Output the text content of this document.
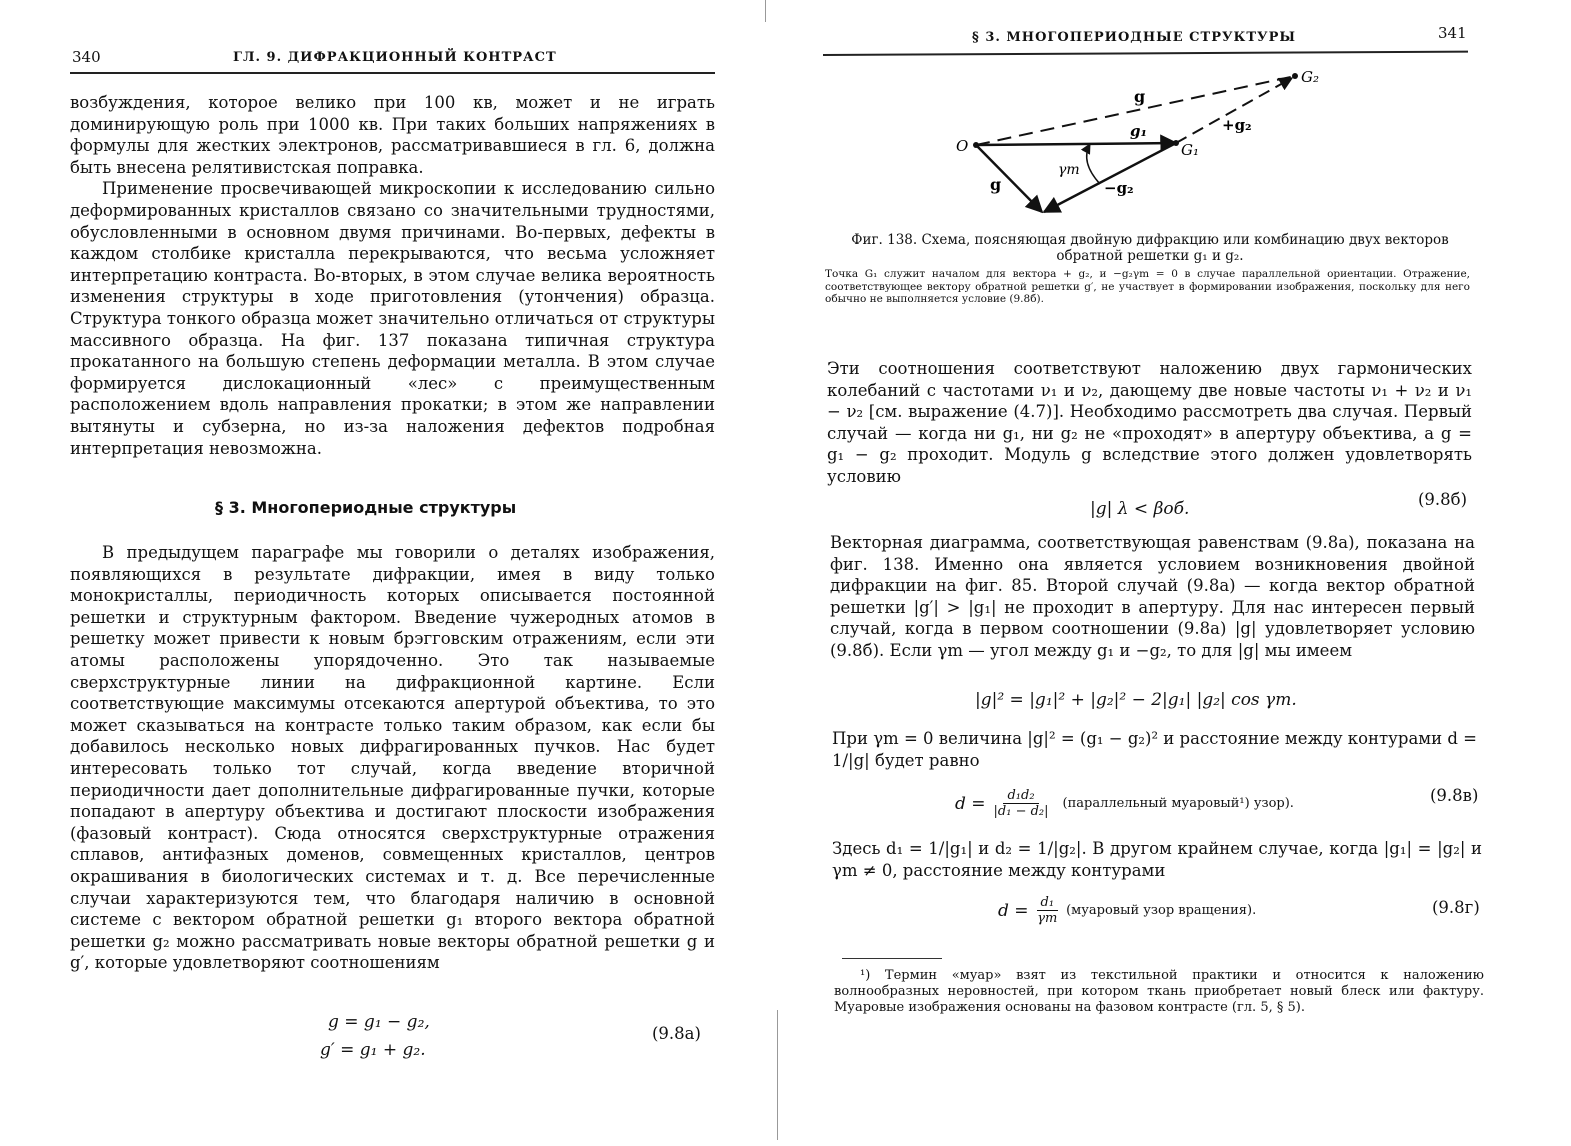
340	ГЛ. 9. ДИФРАКЦИОННЫЙ КОНТРАСТ

возбуждения, которое велико при 100 кв, может и не играть доминирующую роль при 1000 кв. При таких больших напряжениях в формулы для жестких электронов, рассматривавшиеся в гл. 6, должна быть внесена релятивистская поправка.

Применение просвечивающей микроскопии к исследованию сильно деформированных кристаллов связано со значительными трудностями, обусловленными в основном двумя причинами. Во-первых, дефекты в каждом столбике кристалла перекрываются, что весьма усложняет интерпретацию контраста. Во-вторых, в этом случае велика вероятность изменения структуры в ходе приготовления (утончения) образца. Структура тонкого образца может значительно отличаться от структуры массивного образца. На фиг. 137 показана типичная структура прокатанного на большую степень деформации металла. В этом случае формируется дислокационный «лес» с преимущественным расположением вдоль направления прокатки; в этом же направлении вытянуты и субзерна, но из-за наложения дефектов подробная интерпретация невозможна.

§ 3. Многопериодные структуры

В предыдущем параграфе мы говорили о деталях изображения, появляющихся в результате дифракции, имея в виду только монокристаллы, периодичность которых описывается постоянной решетки и структурным фактором. Введение чужеродных атомов в решетку может привести к новым брэгговским отражениям, если эти атомы расположены упорядоченно. Это так называемые сверхструктурные линии на дифракционной картине. Если соответствующие максимумы отсекаются апертурой объектива, то это может сказываться на контрасте только таким образом, как если бы добавилось несколько новых дифрагированных пучков. Нас будет интересовать только тот случай, когда введение вторичной периодичности дает дополнительные дифрагированные пучки, которые попадают в апертуру объектива и достигают плоскости изображения (фазовый контраст). Сюда относятся сверхструктурные отражения сплавов, антифазных доменов, совмещенных кристаллов, центров окрашивания в биологических системах и т. д. Все перечисленные случаи характеризуются тем, что благодаря наличию в основной системе с вектором обратной решетки g₁ второго вектора обратной решетки g₂ можно рассматривать новые векторы обратной решетки g и g′, которые удовлетворяют соотношениям

g = g₁ − g₂,
g′ = g₁ + g₂.
(9.8а)
§ 3. МНОГОПЕРИОДНЫЕ СТРУКТУРЫ	341
O	G₁
G₂
g
g₁	+g₂
γm
−g₂
g
Фиг. 138. Схема, поясняющая двойную дифракцию или комбинацию двух векторов обратной решетки g₁ и g₂.
Точка G₁ служит началом для вектора + g₂, и −g₂γm = 0 в случае параллельной ориентации. Отражение, соответствующее вектору обратной решетки g′, не участвует в формировании изображения, поскольку для него обычно не выполняется условие (9.8б).
Эти соотношения соответствуют наложению двух гармонических колебаний с частотами ν₁ и ν₂, дающему две новые частоты ν₁ + ν₂ и ν₁ − ν₂ [см. выражение (4.7)]. Необходимо рассмотреть два случая. Первый случай — когда ни g₁, ни g₂ не «проходят» в апертуру объектива, а g = g₁ − g₂ проходит. Модуль g вследствие этого должен удовлетворять условию
|g| λ < βоб.	(9.8б)
Векторная диаграмма, соответствующая равенствам (9.8а), показана на фиг. 138. Именно она является условием возникновения двойной дифракции на фиг. 85. Второй случай (9.8а) — когда вектор обратной решетки |g′| > |g₁| не проходит в апертуру. Для нас интересен первый случай, когда в первом соотношении (9.8а) |g| удовлетворяет условию (9.8б). Если γm — угол между g₁ и −g₂, то для |g| мы имеем
|g|² = |g₁|² + |g₂|² − 2|g₁| |g₂| cos γm.
При γm = 0 величина |g|² = (g₁ − g₂)² и расстояние между контурами d = 1/|g| будет равно
$d = \frac{\text{d₁d₂}}{\text{|d₁ − d₂|}}$ (параллельный муаровый¹) узор).	(9.8в)
Здесь d₁ = 1/|g₁| и d₂ = 1/|g₂|. В другом крайнем случае, когда |g₁| = |g₂| и γm ≠ 0, расстояние между контурами
$d = \frac{\text{d₁}}{\gamma m}$ (муаровый узор вращения).	(9.8г)
¹) Термин «муар» взят из текстильной практики и относится к наложению волнообразных неровностей, при котором ткань приобретает новый блеск или фактуру. Муаровые изображения основаны на фазовом контрасте (гл. 5, § 5).
